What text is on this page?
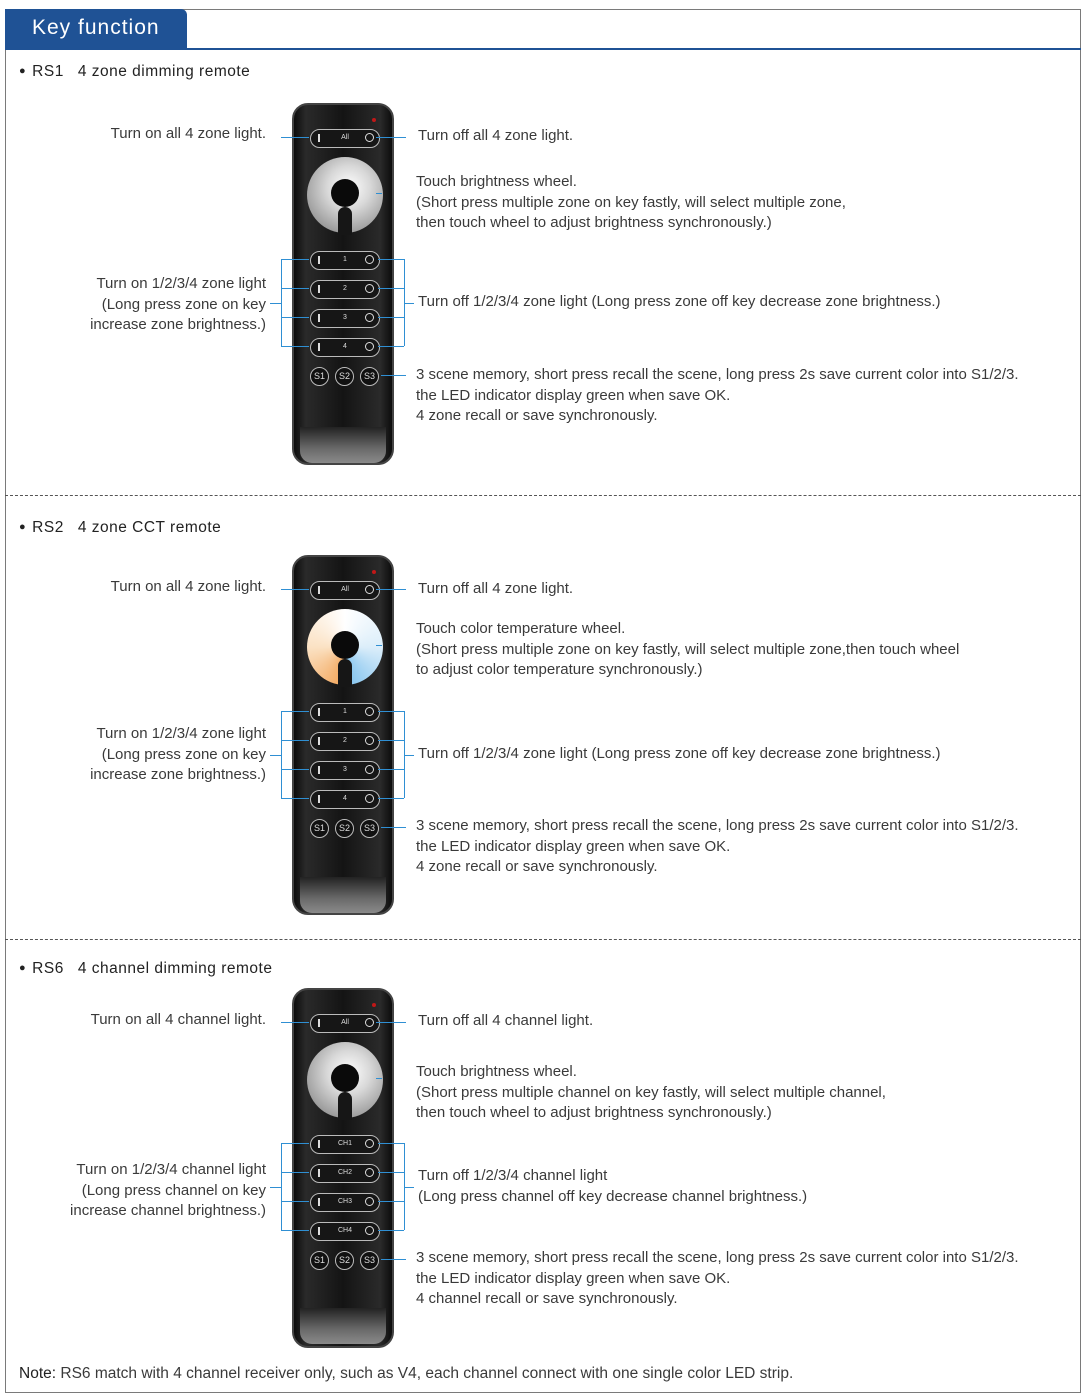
Key function
● RS1 4 zone dimming remote
All
1
2
3
4
S1	S2	S3
Turn on all 4 zone light.
Turn on 1/2/3/4 zone light
(Long press zone on key
increase zone brightness.)
Turn off all 4 zone light.
Touch brightness wheel.
(Short press multiple zone on key fastly, will select multiple zone,
then touch wheel to adjust brightness synchronously.)
Turn off 1/2/3/4 zone light (Long press zone off key decrease zone brightness.)
3 scene memory, short press recall the scene, long press 2s save current color into S1/2/3.
the LED indicator display green when save OK.
4 zone recall or save synchronously.
● RS2 4 zone CCT remote
All
1
2
3
4
S1	S2	S3
Turn on all 4 zone light.
Turn on 1/2/3/4 zone light
(Long press zone on key
increase zone brightness.)
Turn off all 4 zone light.
Touch color temperature wheel.
(Short press multiple zone on key fastly, will select multiple zone,then touch wheel
to adjust color temperature synchronously.)
Turn off 1/2/3/4 zone light (Long press zone off key decrease zone brightness.)
3 scene memory, short press recall the scene, long press 2s save current color into S1/2/3.
the LED indicator display green when save OK.
4 zone recall or save synchronously.
● RS6 4 channel dimming remote
All
CH1
CH2
CH3
CH4
S1	S2	S3
Turn on all 4 channel light.
Turn on 1/2/3/4 channel light
(Long press channel on key
increase channel brightness.)
Turn off all 4 channel light.
Touch brightness wheel.
(Short press multiple channel on key fastly, will select multiple channel,
then touch wheel to adjust brightness synchronously.)
Turn off 1/2/3/4 channel light
(Long press channel off key decrease channel brightness.)
3 scene memory, short press recall the scene, long press 2s save current color into S1/2/3.
the LED indicator display green when save OK.
4 channel recall or save synchronously.
Note: RS6 match with 4 channel receiver only, such as V4, each channel connect with one single color LED strip.
